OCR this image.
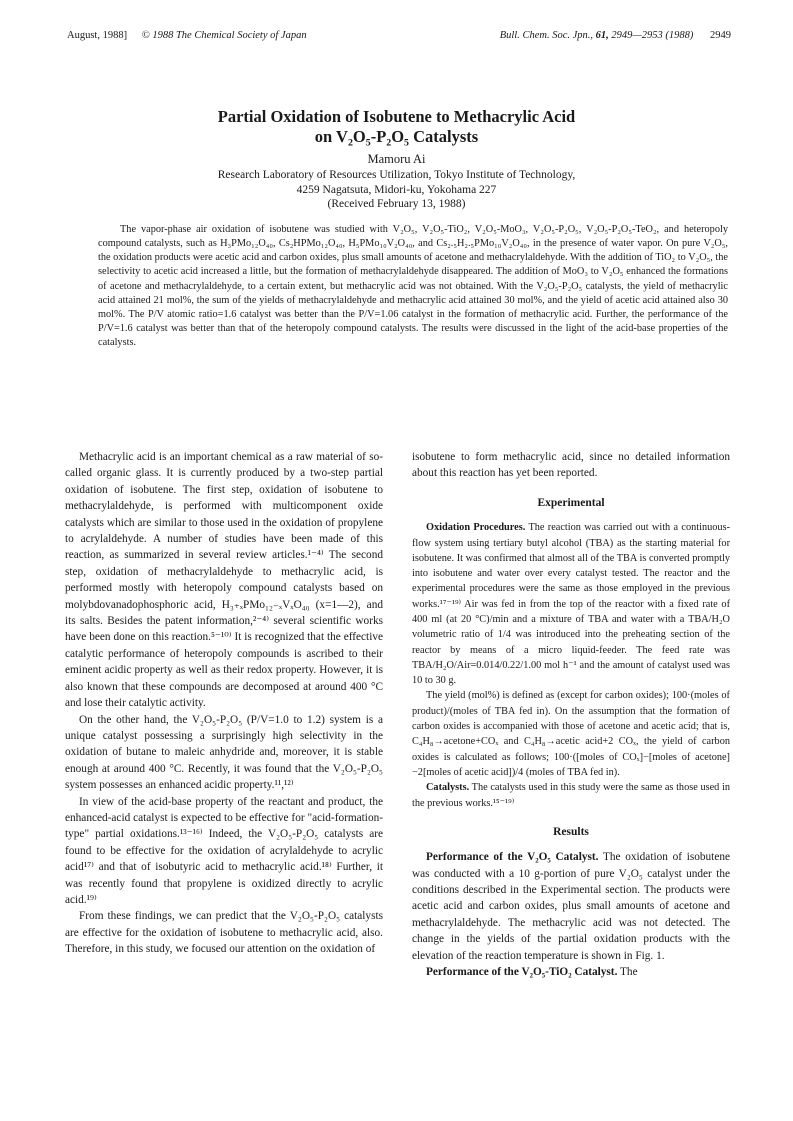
August, 1988] © 1988 The Chemical Society of Japan	Bull. Chem. Soc. Jpn., 61, 2949—2953 (1988) 2949
Partial Oxidation of Isobutene to Methacrylic Acid
on V₂O₅-P₂O₅ Catalysts
Mamoru Ai
Research Laboratory of Resources Utilization, Tokyo Institute of Technology,
4259 Nagatsuta, Midori-ku, Yokohama 227
(Received February 13, 1988)
The vapor-phase air oxidation of isobutene was studied with V₂O₅, V₂O₅-TiO₂, V₂O₅-MoO₃, V₂O₅-P₂O₅, V₂O₅-P₂O₅-TeO₂, and heteropoly compound catalysts, such as H₃PMo₁₂O₄₀, Cs₂HPMo₁₂O₄₀, H₅PMo₁₀V₂O₄₀, and Cs₂.₅H₂.₅PMo₁₀V₂O₄₀, in the presence of water vapor. On pure V₂O₅, the oxidation products were acetic acid and carbon oxides, plus small amounts of acetone and methacrylaldehyde. With the addition of TiO₂ to V₂O₅, the selectivity to acetic acid increased a little, but the formation of methacrylaldehyde disappeared. The addition of MoO₃ to V₂O₅ enhanced the formations of acetone and methacrylaldehyde, to a certain extent, but methacrylic acid was not obtained. With the V₂O₅-P₂O₅ catalysts, the yield of methacrylic acid attained 21 mol%, the sum of the yields of methacrylaldehyde and methacrylic acid attained 30 mol%, and the yield of acetic acid attained also 30 mol%. The P/V atomic ratio=1.6 catalyst was better than the P/V=1.06 catalyst in the formation of methacrylic acid. Further, the performance of the P/V=1.6 catalyst was better than that of the heteropoly compound catalysts. The results were discussed in the light of the acid-base properties of the catalysts.

Methacrylic acid is an important chemical as a raw material of so-called organic glass. It is currently produced by a two-step partial oxidation of isobutene. The first step, oxidation of isobutene to methacrylaldehyde, is performed with multicomponent oxide catalysts which are similar to those used in the oxidation of propylene to acrylaldehyde. A number of studies have been made of this reaction, as summarized in several review articles.¹⁻⁴⁾ The second step, oxidation of methacrylaldehyde to methacrylic acid, is performed mostly with heteropoly compound catalysts based on molybdovanadophosphoric acid, H₃₊ₓPMo₁₂₋ₓVₓO₄₀ (x=1—2), and its salts. Besides the patent information,²⁻⁴⁾ several scientific works have been done on this reaction.⁵⁻¹⁰⁾ It is recognized that the effective catalytic performance of heteropoly compounds is ascribed to their eminent acidic property as well as their redox property. However, it is also known that these compounds are decomposed at around 400 °C and lose their catalytic activity.

On the other hand, the V₂O₅-P₂O₅ (P/V=1.0 to 1.2) system is a unique catalyst possessing a surprisingly high selectivity in the oxidation of butane to maleic anhydride and, moreover, it is stable enough at around 400 °C. Recently, it was found that the V₂O₅-P₂O₅ system possesses an enhanced acidic property.¹¹,¹²⁾

In view of the acid-base property of the reactant and product, the enhanced-acid catalyst is expected to be effective for "acid-formation-type" partial oxidations.¹³⁻¹⁶⁾ Indeed, the V₂O₅-P₂O₅ catalysts are found to be effective for the oxidation of acrylaldehyde to acrylic acid¹⁷⁾ and that of isobutyric acid to methacrylic acid.¹⁸⁾ Further, it was recently found that propylene is oxidized directly to acrylic acid.¹⁹⁾

From these findings, we can predict that the V₂O₅-P₂O₅ catalysts are effective for the oxidation of isobutene to methacrylic acid, also. Therefore, in this study, we focused our attention on the oxidation of

isobutene to form methacrylic acid, since no detailed information about this reaction has yet been reported.

Experimental

Oxidation Procedures. The reaction was carried out with a continuous-flow system using tertiary butyl alcohol (TBA) as the starting material for isobutene. It was confirmed that almost all of the TBA is converted promptly into isobutene and water over every catalyst tested. The reactor and the experimental procedures were the same as those employed in the previous works.¹⁷⁻¹⁹⁾ Air was fed in from the top of the reactor with a fixed rate of 400 ml (at 20 °C)/min and a mixture of TBA and water with a TBA/H₂O volumetric ratio of 1/4 was introduced into the preheating section of the reactor by means of a micro liquid-feeder. The feed rate was TBA/H₂O/Air=0.014/0.22/1.00 mol h⁻¹ and the amount of catalyst used was 10 to 30 g.

The yield (mol%) is defined as (except for carbon oxides); 100·(moles of product)/(moles of TBA fed in). On the assumption that the formation of carbon oxides is accompanied with those of acetone and acetic acid; that is, C₄H₈→acetone+COₓ and C₄H₈→acetic acid+2 COₓ, the yield of carbon oxides is calculated as follows; 100·([moles of COₓ]−[moles of acetone]−2[moles of acetic acid])/4 (moles of TBA fed in).

Catalysts. The catalysts used in this study were the same as those used in the previous works.¹⁵⁻¹⁹⁾

Results

Performance of the V₂O₅ Catalyst. The oxidation of isobutene was conducted with a 10 g-portion of pure V₂O₅ catalyst under the conditions described in the Experimental section. The products were acetic acid and carbon oxides, plus small amounts of acetone and methacrylaldehyde. The methacrylic acid was not detected. The change in the yields of the partial oxidation products with the elevation of the reaction temperature is shown in Fig. 1.

Performance of the V₂O₅-TiO₂ Catalyst. The
